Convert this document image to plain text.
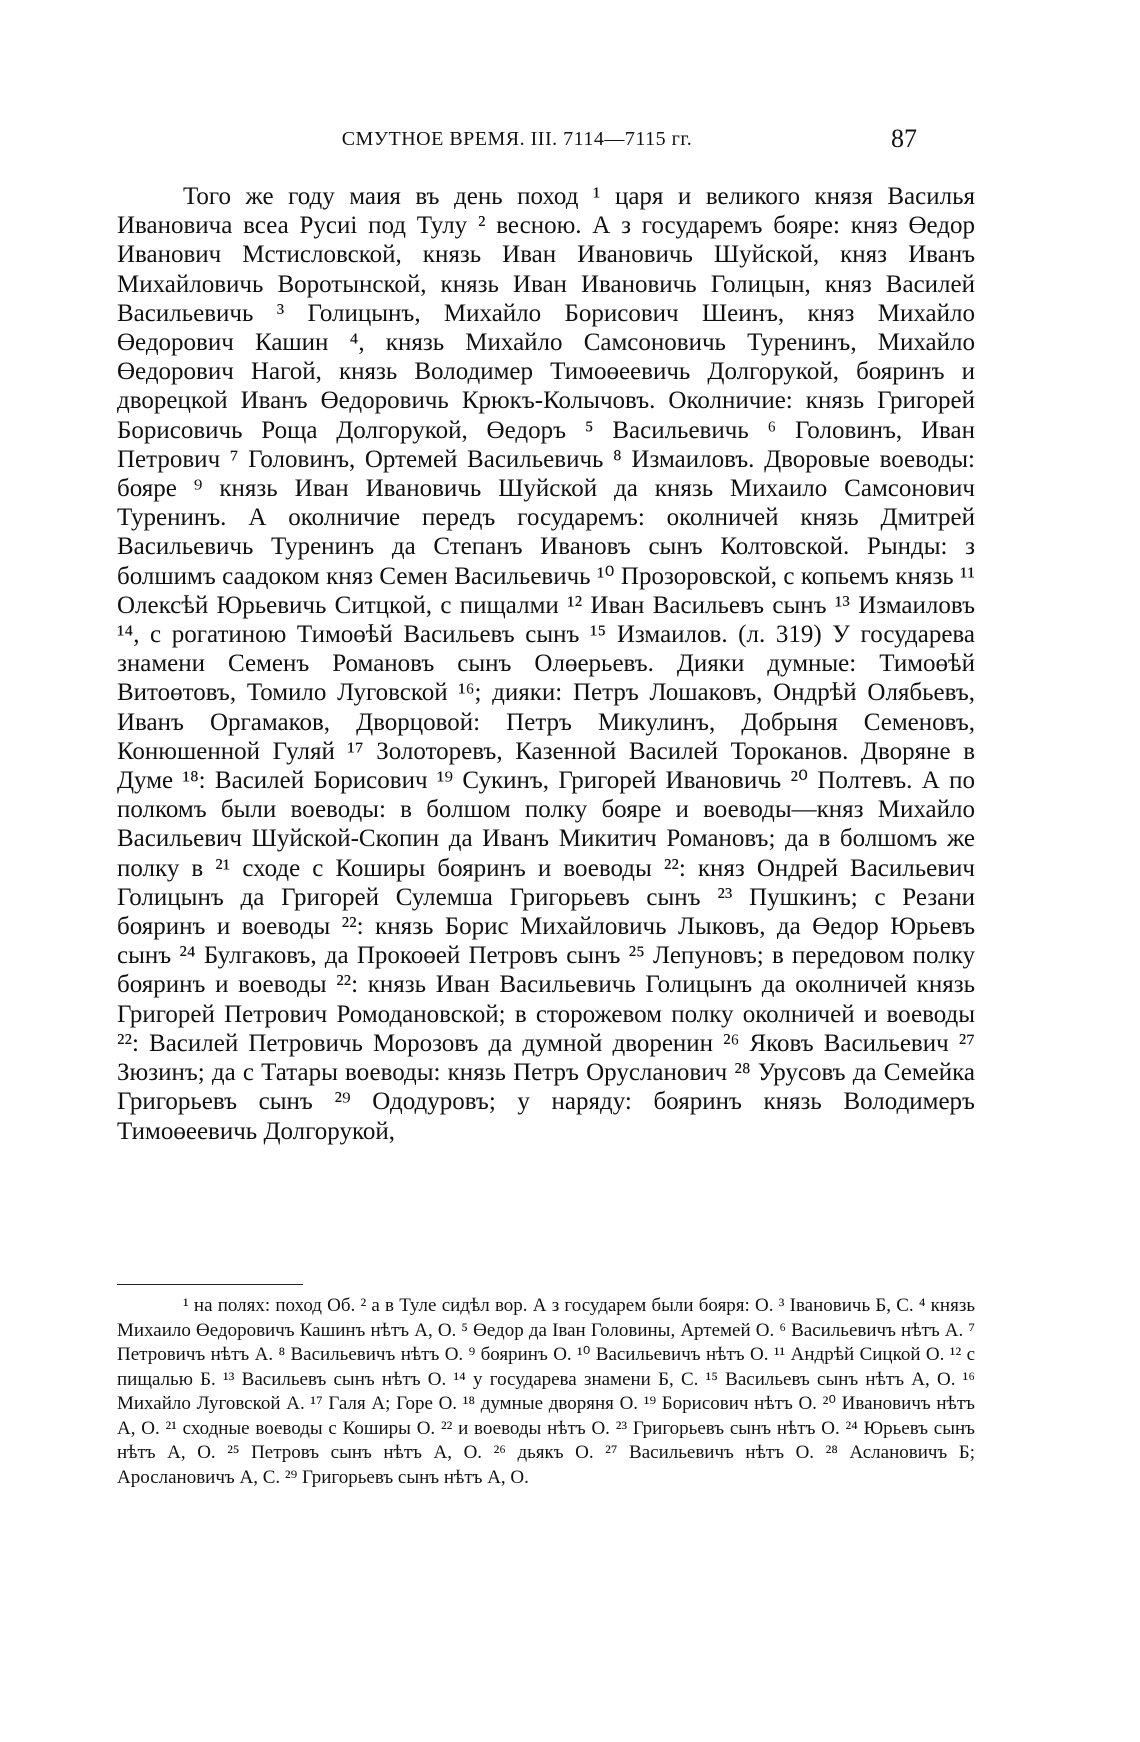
СМУТНОЕ ВРЕМЯ. III. 7114—7115 гг.	87

Того же году маия въ день поход ¹ царя и великого князя Василья Ивановича всеа Русиі под Тулу ² весною. А з государемъ бояре: княз Өедор Иванович Мстисловской, князь Иван Ивановичь Шуйской, княз Иванъ Михайловичь Воротынской, князь Иван Ивановичь Голицын, княз Василей Васильевичь ³ Голицынъ, Михайло Борисович Шеинъ, княз Михайло Өедорович Кашин ⁴, князь Михайло Самсоновичь Туренинъ, Михайло Өедорович Нагой, князь Володимер Тимоөеевичь Долгорукой, бояринъ и дворецкой Иванъ Өедоровичь Крюкъ-Колычовъ. Околничие: князь Григорей Борисовичь Роща Долгорукой, Өедоръ ⁵ Васильевичь ⁶ Головинъ, Иван Петрович ⁷ Головинъ, Ортемей Васильевичь ⁸ Измаиловъ. Дворовые воеводы: бояре ⁹ князь Иван Ивановичь Шуйской да князь Михаило Самсонович Туренинъ. А околничие передъ государемъ: околничей князь Дмитрей Васильевичь Туренинъ да Степанъ Ивановъ сынъ Колтовской. Рынды: з болшимъ саадоком княз Семен Васильевичь ¹⁰ Прозоровской, с копьемъ князь ¹¹ Олексѣй Юрьевичь Ситцкой, с пищалми ¹² Иван Васильевъ сынъ ¹³ Измаиловъ ¹⁴, с рогатиною Тимоөѣй Васильевъ сынъ ¹⁵ Измаилов. (л. 319) У государева знамени Семенъ Романовъ сынъ Олөерьевъ. Дияки думные: Тимоөѣй Витоөтовъ, Томило Луговской ¹⁶; дияки: Петръ Лошаковъ, Ондрѣй Олябьевъ, Иванъ Оргамаков, Дворцовой: Петръ Микулинъ, Добрыня Семеновъ, Конюшенной Гуляй ¹⁷ Золоторевъ, Казенной Василей Тороканов. Дворяне в Думе ¹⁸: Василей Борисович ¹⁹ Сукинъ, Григорей Ивановичь ²⁰ Полтевъ. А по полкомъ были воеводы: в болшом полку бояре и воеводы—княз Михайло Васильевич Шуйской-Скопин да Иванъ Микитич Романовъ; да в болшомъ же полку в ²¹ сходе с Коширы бояринъ и воеводы ²²: княз Ондрей Васильевич Голицынъ да Григорей Сулемша Григорьевъ сынъ ²³ Пушкинъ; с Резани бояринъ и воеводы ²²: князь Борис Михайловичь Лыковъ, да Өедор Юрьевъ сынъ ²⁴ Булгаковъ, да Прокоөей Петровъ сынъ ²⁵ Лепуновъ; в передовом полку бояринъ и воеводы ²²: князь Иван Васильевичь Голицынъ да околничей князь Григорей Петрович Ромодановской; в сторожевом полку околничей и воеводы ²²: Василей Петровичь Морозовъ да думной дворенин ²⁶ Яковъ Васильевич ²⁷ Зюзинъ; да с Татары воеводы: князь Петръ Орусланович ²⁸ Урусовъ да Семейка Григорьевъ сынъ ²⁹ Ододуровъ; у наряду: бояринъ князь Володимеръ Тимоөеевичь Долгорукой,

¹ на полях: поход Об. ² а в Туле сидѣл вор. А з государем были бояря: О. ³ Івановичь Б, С. ⁴ князь Михаило Өедоровичъ Кашинъ нѣтъ А, О. ⁵ Өедор да Іван Головины, Артемей О. ⁶ Васильевичъ нѣтъ А. ⁷ Петровичъ нѣтъ А. ⁸ Васильевичъ нѣтъ О. ⁹ бояринъ О. ¹⁰ Васильевичъ нѣтъ О. ¹¹ Андрѣй Сицкой О. ¹² с пищалью Б. ¹³ Васильевъ сынъ нѣтъ О. ¹⁴ у государева знамени Б, С. ¹⁵ Васильевъ сынъ нѣтъ А, О. ¹⁶ Михайло Луговской А. ¹⁷ Галя А; Горе О. ¹⁸ думные дворяня О. ¹⁹ Борисович нѣтъ О. ²⁰ Ивановичъ нѣтъ А, О. ²¹ сходные воеводы с Коширы О. ²² и воеводы нѣтъ О. ²³ Григорьевъ сынъ нѣтъ О. ²⁴ Юрьевъ сынъ нѣтъ А, О. ²⁵ Петровъ сынъ нѣтъ А, О. ²⁶ дьякъ О. ²⁷ Васильевичъ нѣтъ О. ²⁸ Аслановичъ Б; Арослановичъ А, С. ²⁹ Григорьевъ сынъ нѣтъ А, О.
